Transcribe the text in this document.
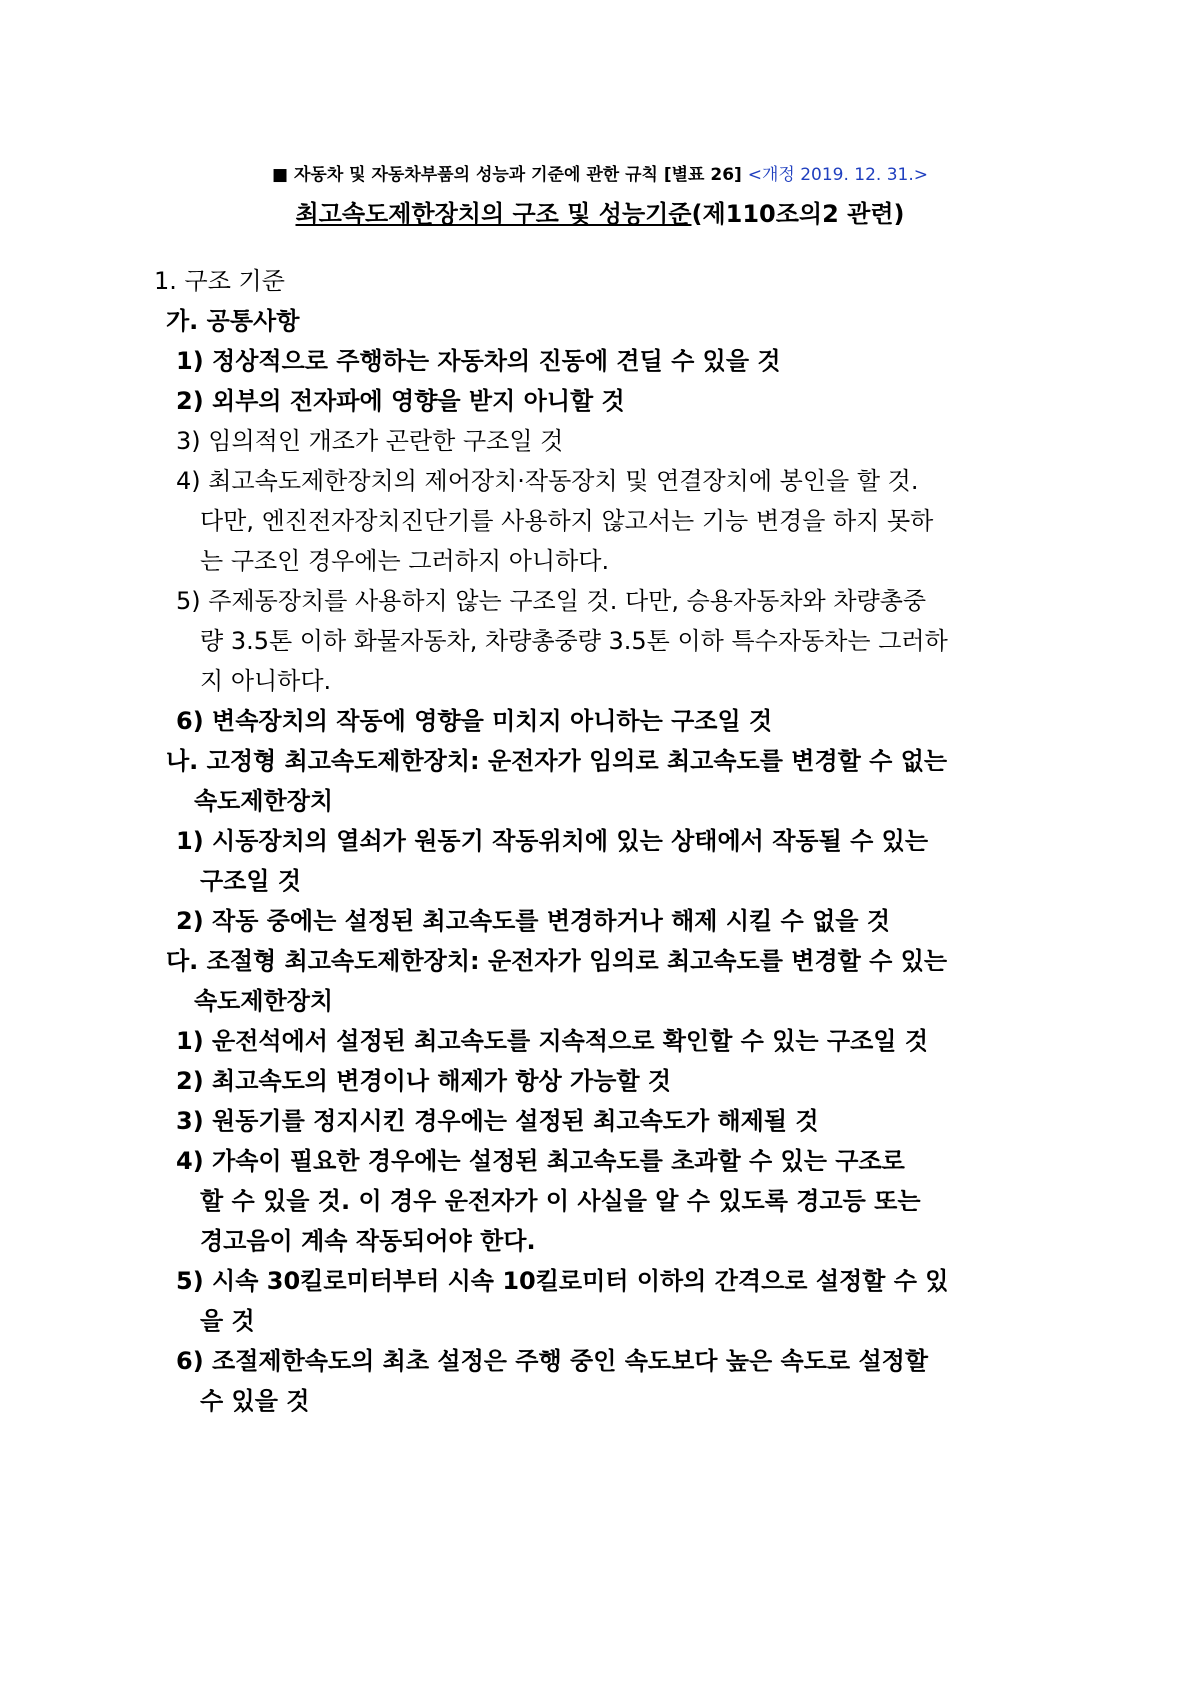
■ 자동차 및 자동차부품의 성능과 기준에 관한 규칙 [별표 26] <개정 2019. 12. 31.>
최고속도제한장치의 구조 및 성능기준(제110조의2 관련)
1. 구조 기준
가. 공통사항
1) 정상적으로 주행하는 자동차의 진동에 견딜 수 있을 것
2) 외부의 전자파에 영향을 받지 아니할 것
3) 임의적인 개조가 곤란한 구조일 것
4) 최고속도제한장치의 제어장치·작동장치 및 연결장치에 봉인을 할 것.
다만, 엔진전자장치진단기를 사용하지 않고서는 기능 변경을 하지 못하
는 구조인 경우에는 그러하지 아니하다.
5) 주제동장치를 사용하지 않는 구조일 것. 다만, 승용자동차와 차량총중
량 3.5톤 이하 화물자동차, 차량총중량 3.5톤 이하 특수자동차는 그러하
지 아니하다.
6) 변속장치의 작동에 영향을 미치지 아니하는 구조일 것
나. 고정형 최고속도제한장치: 운전자가 임의로 최고속도를 변경할 수 없는
속도제한장치
1) 시동장치의 열쇠가 원동기 작동위치에 있는 상태에서 작동될 수 있는
구조일 것
2) 작동 중에는 설정된 최고속도를 변경하거나 해제 시킬 수 없을 것
다. 조절형 최고속도제한장치: 운전자가 임의로 최고속도를 변경할 수 있는
속도제한장치
1) 운전석에서 설정된 최고속도를 지속적으로 확인할 수 있는 구조일 것
2) 최고속도의 변경이나 해제가 항상 가능할 것
3) 원동기를 정지시킨 경우에는 설정된 최고속도가 해제될 것
4) 가속이 필요한 경우에는 설정된 최고속도를 초과할 수 있는 구조로
할 수 있을 것. 이 경우 운전자가 이 사실을 알 수 있도록 경고등 또는
경고음이 계속 작동되어야 한다.
5) 시속 30킬로미터부터 시속 10킬로미터 이하의 간격으로 설정할 수 있
을 것
6) 조절제한속도의 최초 설정은 주행 중인 속도보다 높은 속도로 설정할
수 있을 것
